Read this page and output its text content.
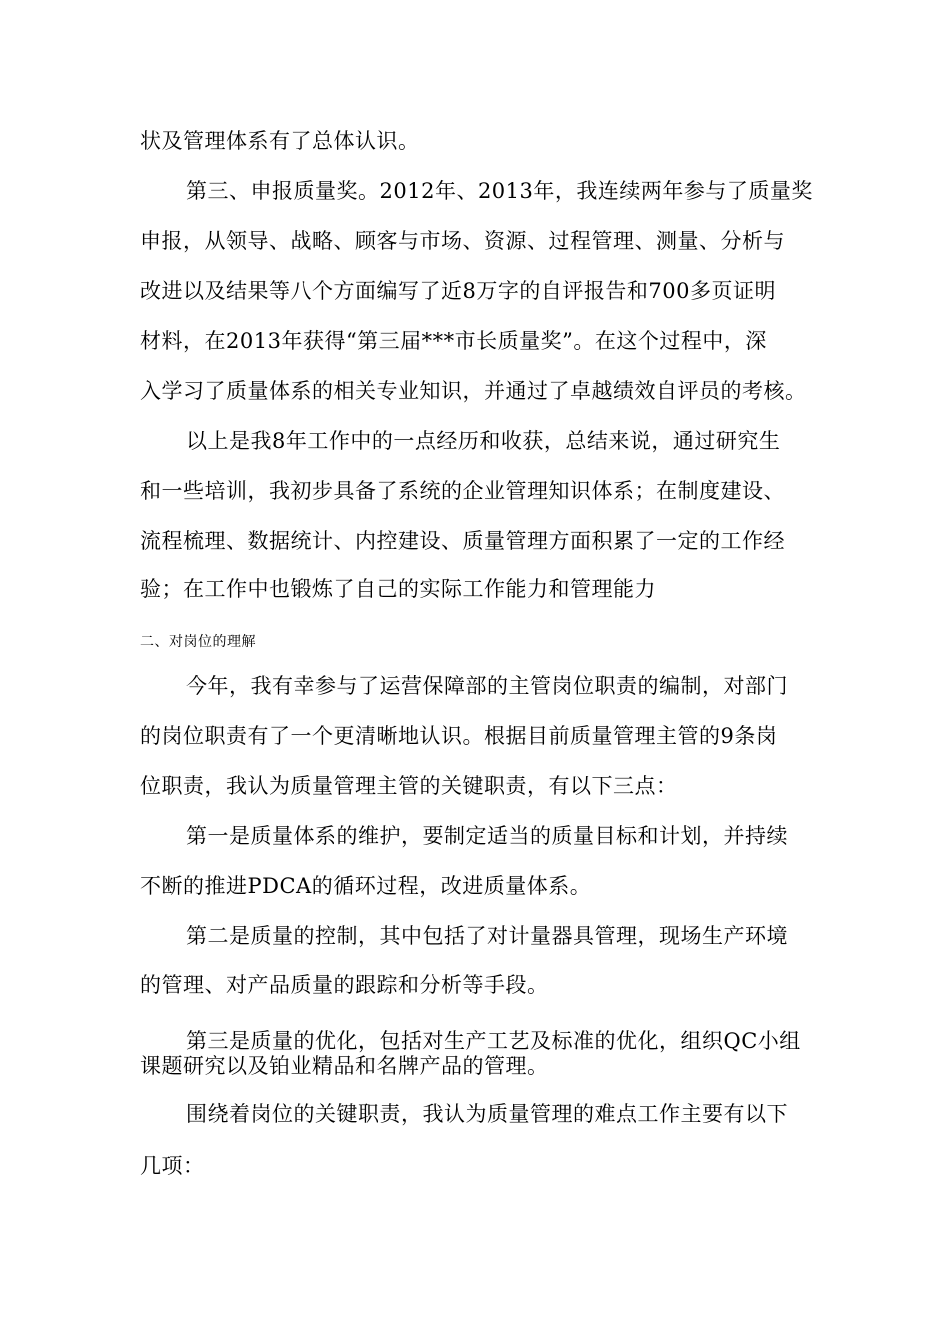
状及管理体系有了总体认识。
第三、申报质量奖。2012年、2013年，我连续两年参与了质量奖
申报，从领导、战略、顾客与市场、资源、过程管理、测量、分析与
改进以及结果等八个方面编写了近8万字的自评报告和700多页证明
材料，在2013年获得“第三届***市长质量奖”。在这个过程中，深
入学习了质量体系的相关专业知识，并通过了卓越绩效自评员的考核。
以上是我8年工作中的一点经历和收获，总结来说，通过研究生
和一些培训，我初步具备了系统的企业管理知识体系；在制度建设、
流程梳理、数据统计、内控建设、质量管理方面积累了一定的工作经
验；在工作中也锻炼了自己的实际工作能力和管理能力
二、对岗位的理解
今年，我有幸参与了运营保障部的主管岗位职责的编制，对部门
的岗位职责有了一个更清晰地认识。根据目前质量管理主管的9条岗
位职责，我认为质量管理主管的关键职责，有以下三点：
第一是质量体系的维护，要制定适当的质量目标和计划，并持续
不断的推进PDCA的循环过程，改进质量体系。
第二是质量的控制，其中包括了对计量器具管理，现场生产环境
的管理、对产品质量的跟踪和分析等手段。
第三是质量的优化，包括对生产工艺及标准的优化，组织QC小组
课题研究以及铂业精品和名牌产品的管理。
围绕着岗位的关键职责，我认为质量管理的难点工作主要有以下
几项：
